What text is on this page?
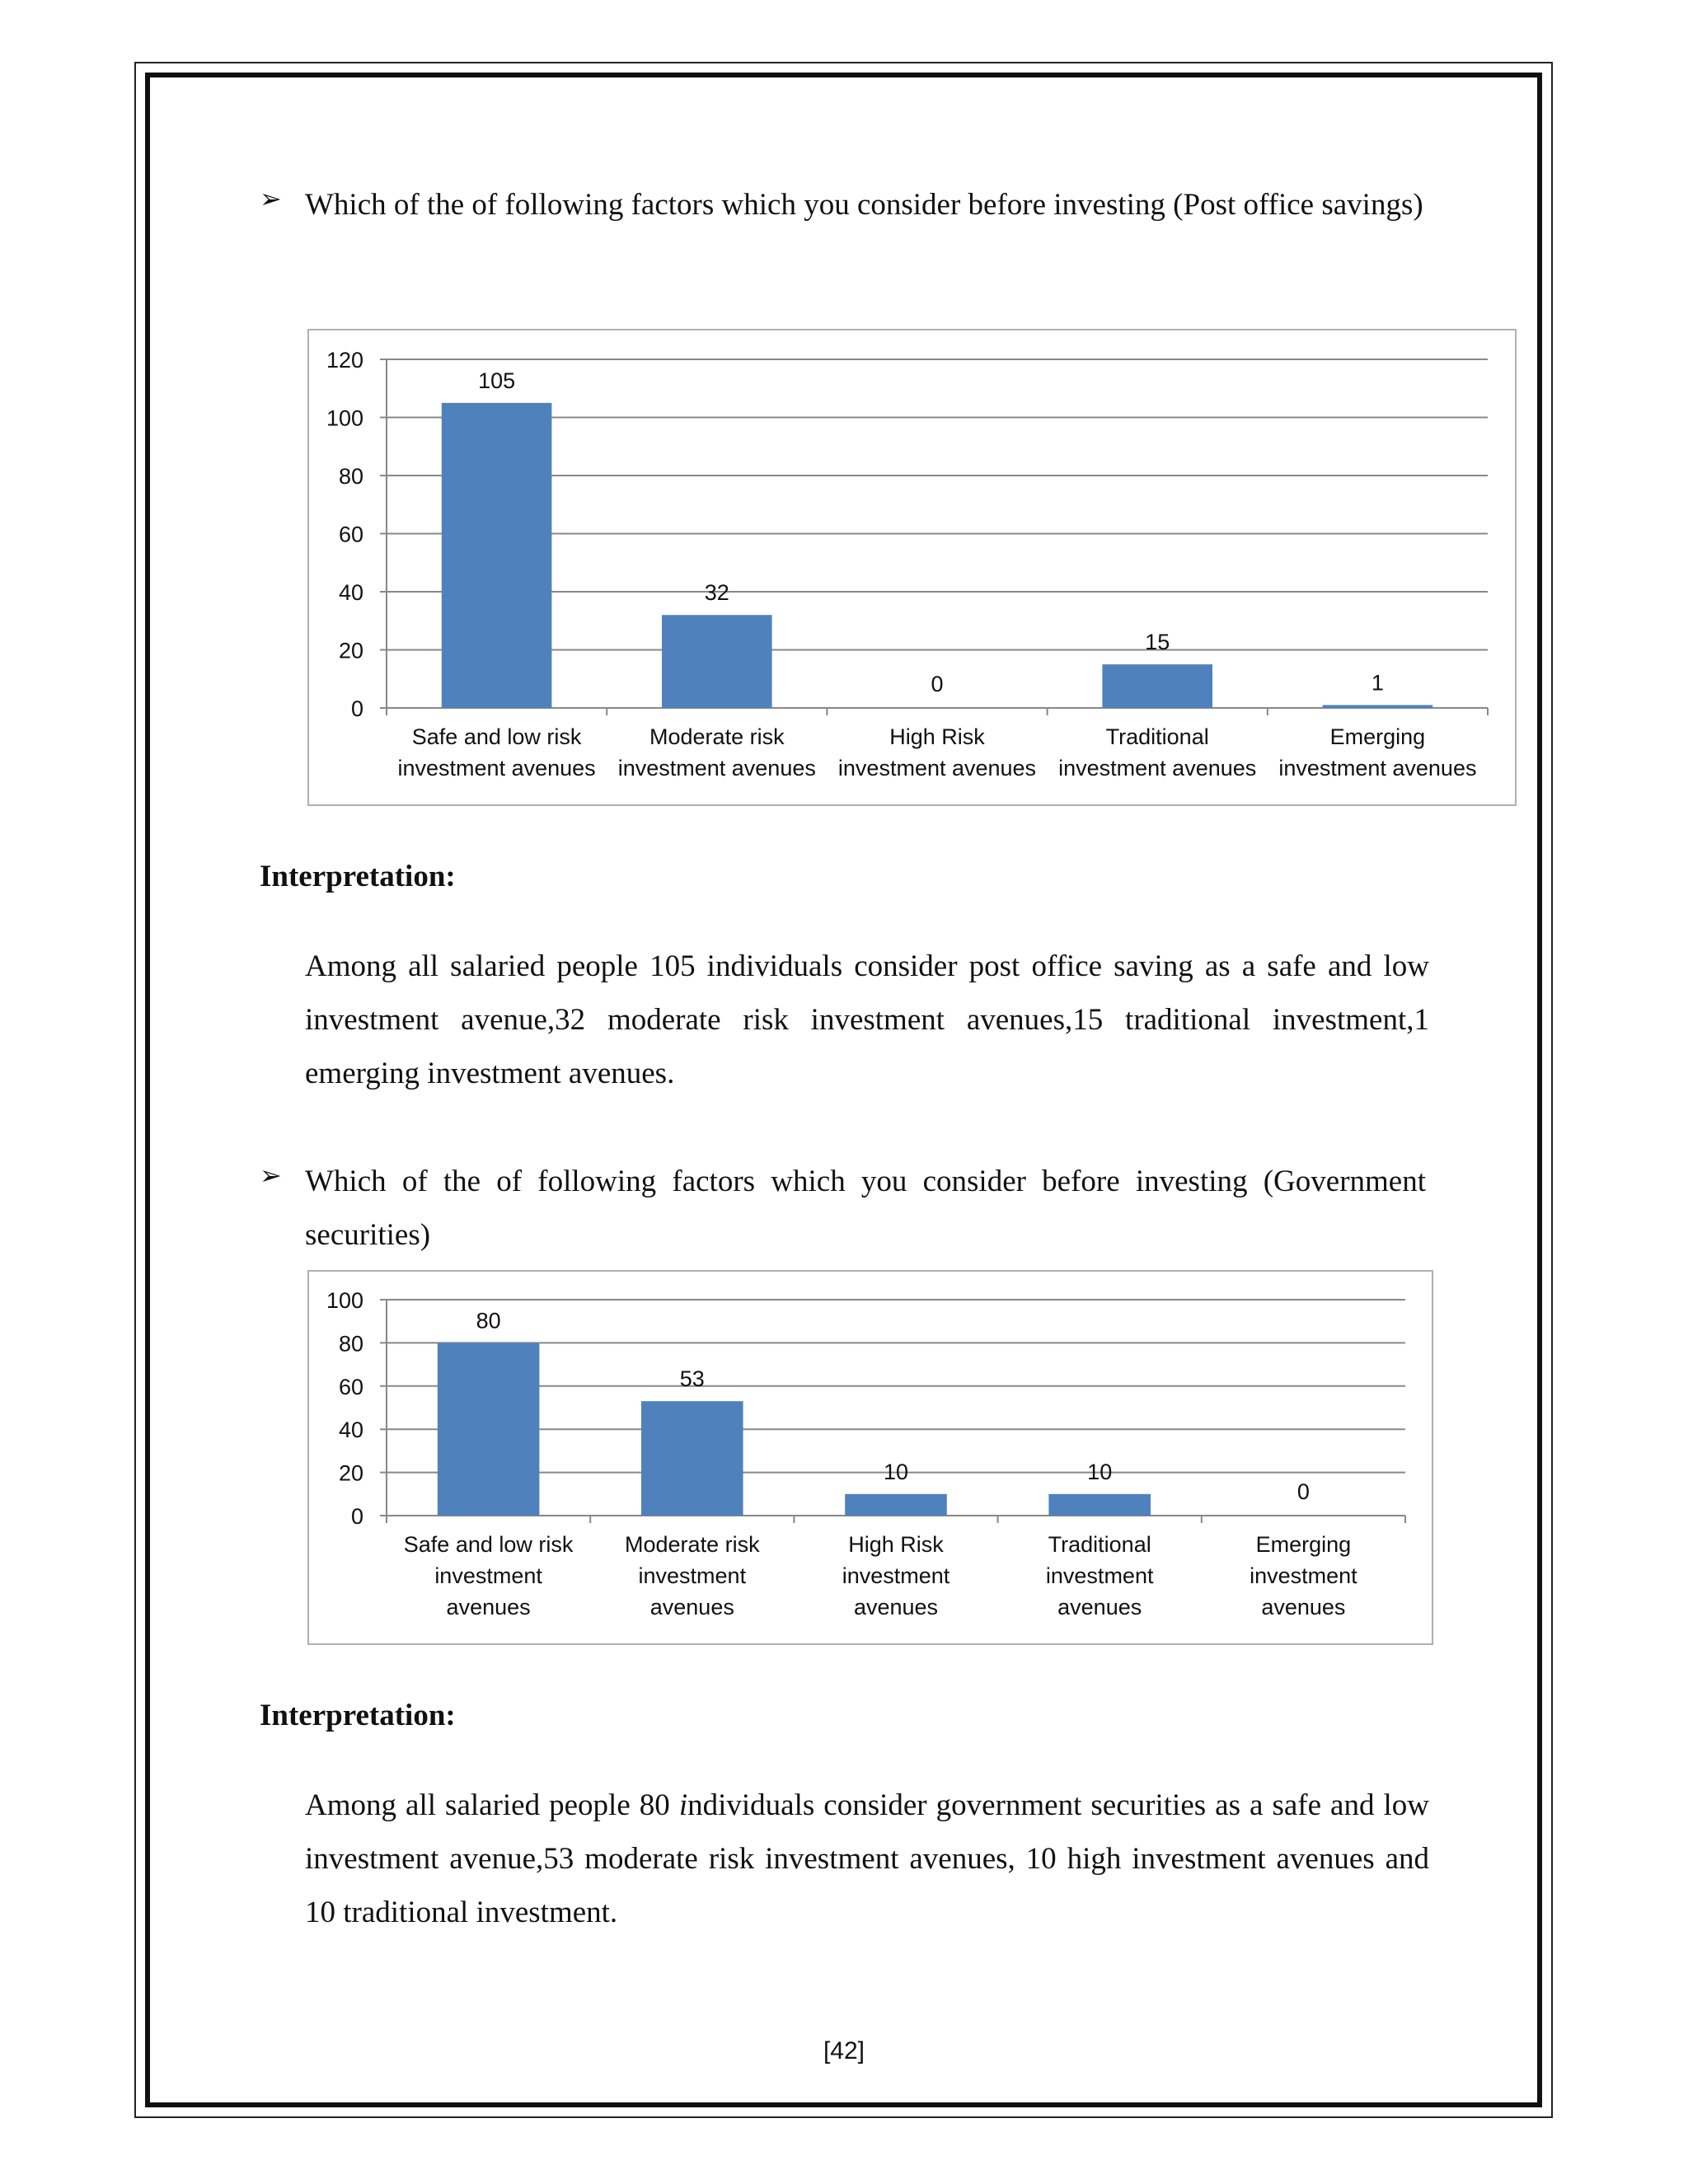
➢ Which of the of following factors which you consider before investing (Post office savings)
0
20
40
60
80
100
120
105
Safe and low risk
investment avenues
32
Moderate risk
investment avenues
0
High Risk
investment avenues
15
Traditional
investment avenues
1
Emerging
investment avenues
Interpretation:
Among all salaried people 105 individuals consider post office saving as a safe and low investment avenue,32 moderate risk investment avenues,15 traditional investment,1 emerging investment avenues.
➢ Which of the of following factors which you consider before investing (Government securities)
0
20
40
60
80
100
80
Safe and low risk
investment
avenues
53
Moderate risk
investment
avenues
10
High Risk
investment
avenues
10
Traditional
investment
avenues
0
Emerging
investment
avenues
Interpretation:
Among all salaried people 80 individuals consider government securities as a safe and low investment avenue,53 moderate risk investment avenues, 10 high investment avenues and 10 traditional investment.
[42]
